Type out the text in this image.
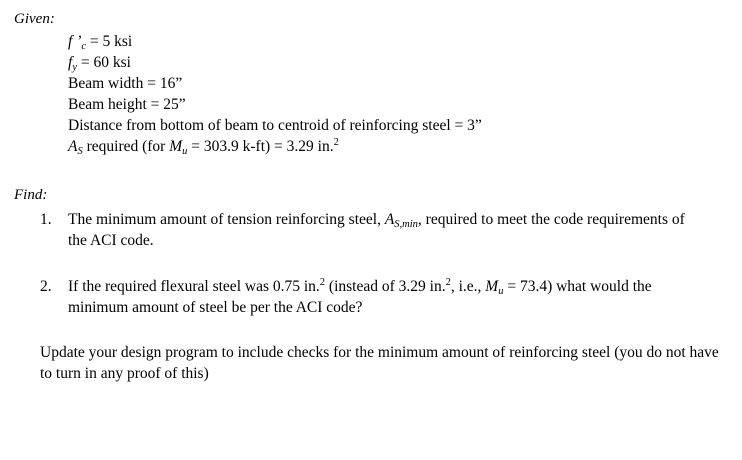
Given:
f $’_c = 5$ ksi
$f_y = 60$ ksi
Beam width = 16”
Beam height = 25”
Distance from bottom of beam to centroid of reinforcing steel = 3”
$A_S$ required (for $M_u = 303.9$ k-ft) = 3.29 in.$^2$
Find:
1.	The minimum amount of tension reinforcing steel, $A_{S,min}$, required to meet the code requirements of the ACI code.
2.	If the required flexural steel was 0.75 in.$^2$ (instead of 3.29 in.$^2$, i.e., $M_u = 73.4$) what would the minimum amount of steel be per the ACI code?
Update your design program to include checks for the minimum amount of reinforcing steel (you do not have to turn in any proof of this)
